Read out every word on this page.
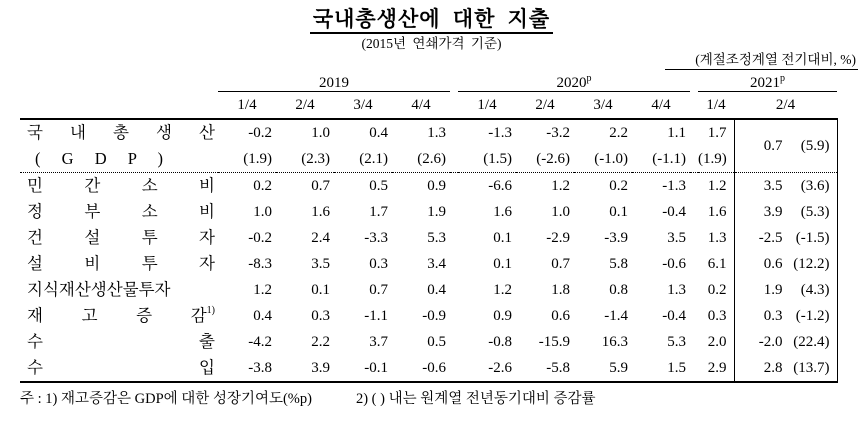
국내총생산에 대한 지출
(2015년 연쇄가격 기준)
(계절조정계열 전기대비, %)
	2019					2020$^p$					2021$^p$
	1/4	2/4	3/4	4/4		1/4	2/4	3/4	4/4		1/4	2/4

국 내 총 생 산	-0.2	1.0	0.4	1.3		-1.3	-3.2	2.2	1.1		1.7	0.7 (5.9)

( G D P )	(1.9)	(2.3)	(2.1)	(2.6)		(1.5)	(-2.6)	(-1.0)	(-1.1)		(1.9)	

민 간 소 비	0.2	0.7	0.5	0.9		-6.6	1.2	0.2	-1.3		1.2	3.5 (3.6)

정 부 소 비	1.0	1.6	1.7	1.9		1.6	1.0	0.1	-0.4		1.6	3.9 (5.3)

건 설 투 자	-0.2	2.4	-3.3	5.3		0.1	-2.9	-3.9	3.5		1.3	-2.5 (-1.5)

설 비 투 자	-8.3	3.5	0.3	3.4		0.1	0.7	5.8	-0.6		6.1	0.6 (12.2)

지식재산생산물투자	1.2	0.1	0.7	0.4		1.2	1.8	0.8	1.3		0.2	1.9 (4.3)

재 고 증 감$^{1)}$	0.4	0.3	-1.1	-0.9		0.9	0.6	-1.4	-0.4		0.3	0.3 (-1.2)

수 출	-4.2	2.2	3.7	0.5		-0.8	-15.9	16.3	5.3		2.0	-2.0 (22.4)

수 입	-3.8	3.9	-0.1	-0.6		-2.6	-5.8	5.9	1.5		2.9	2.8 (13.7)
주 : 1) 재고증감은 GDP에 대한 성장기여도(%p)	2) ( ) 내는 원계열 전년동기대비 증감률
